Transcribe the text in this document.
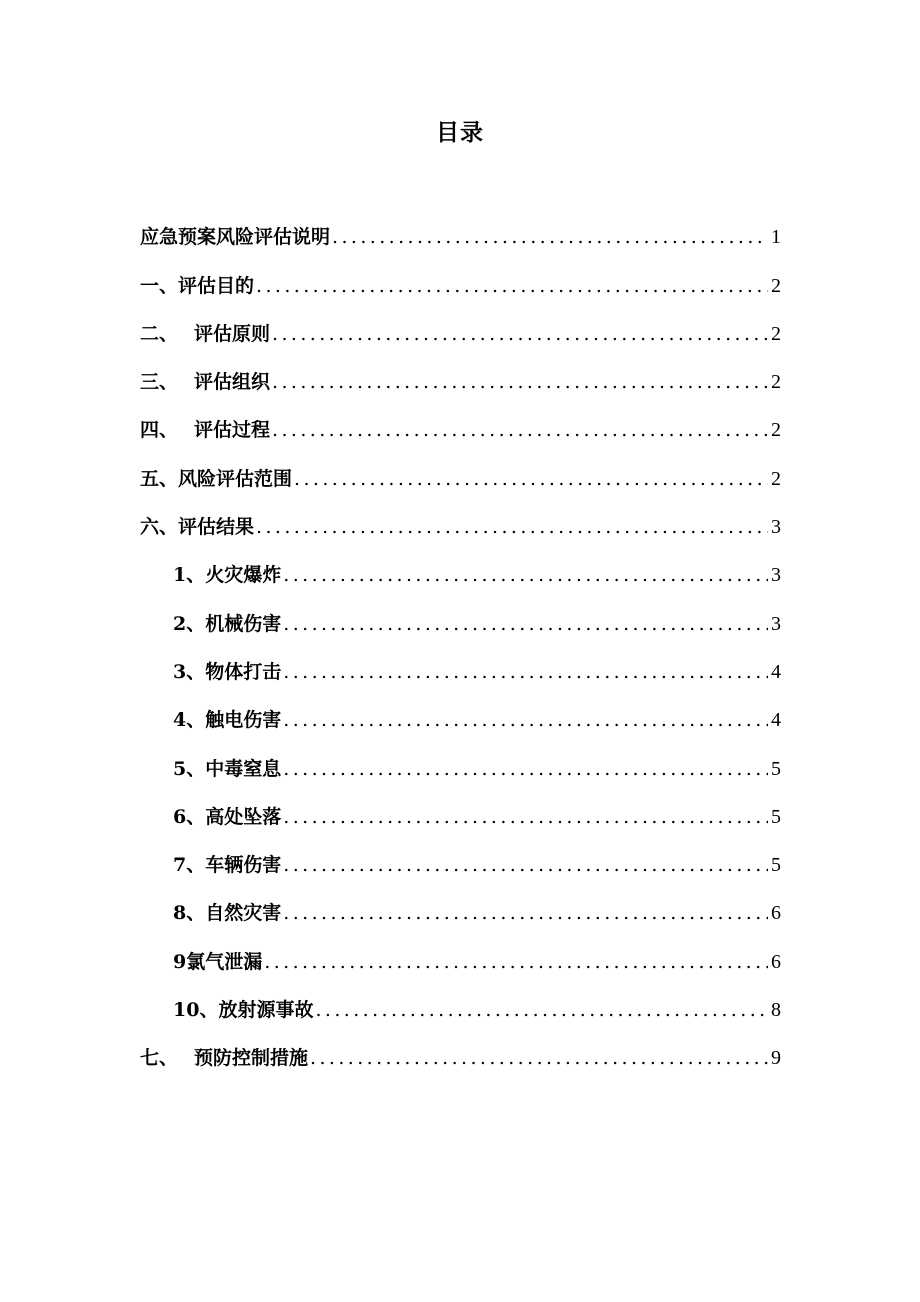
目录
应急预案风险评估说明 .....	1
一、评估目的 .....	2
二、 评估原则 .....	2
三、 评估组织 .....	2
四、 评估过程 .....	2
五、风险评估范围 .....	2
六、评估结果 .....	3
1、火灾爆炸 .....	3
2、机械伤害 .....	3
3、物体打击 .....	4
4、触电伤害 .....	4
5、中毒窒息 .....	5
6、高处坠落 .....	5
7、车辆伤害 .....	5
8、自然灾害 .....	6
9氯气泄漏 .....	6
10、放射源事故 .....	8
七、 预防控制措施 .....	9
